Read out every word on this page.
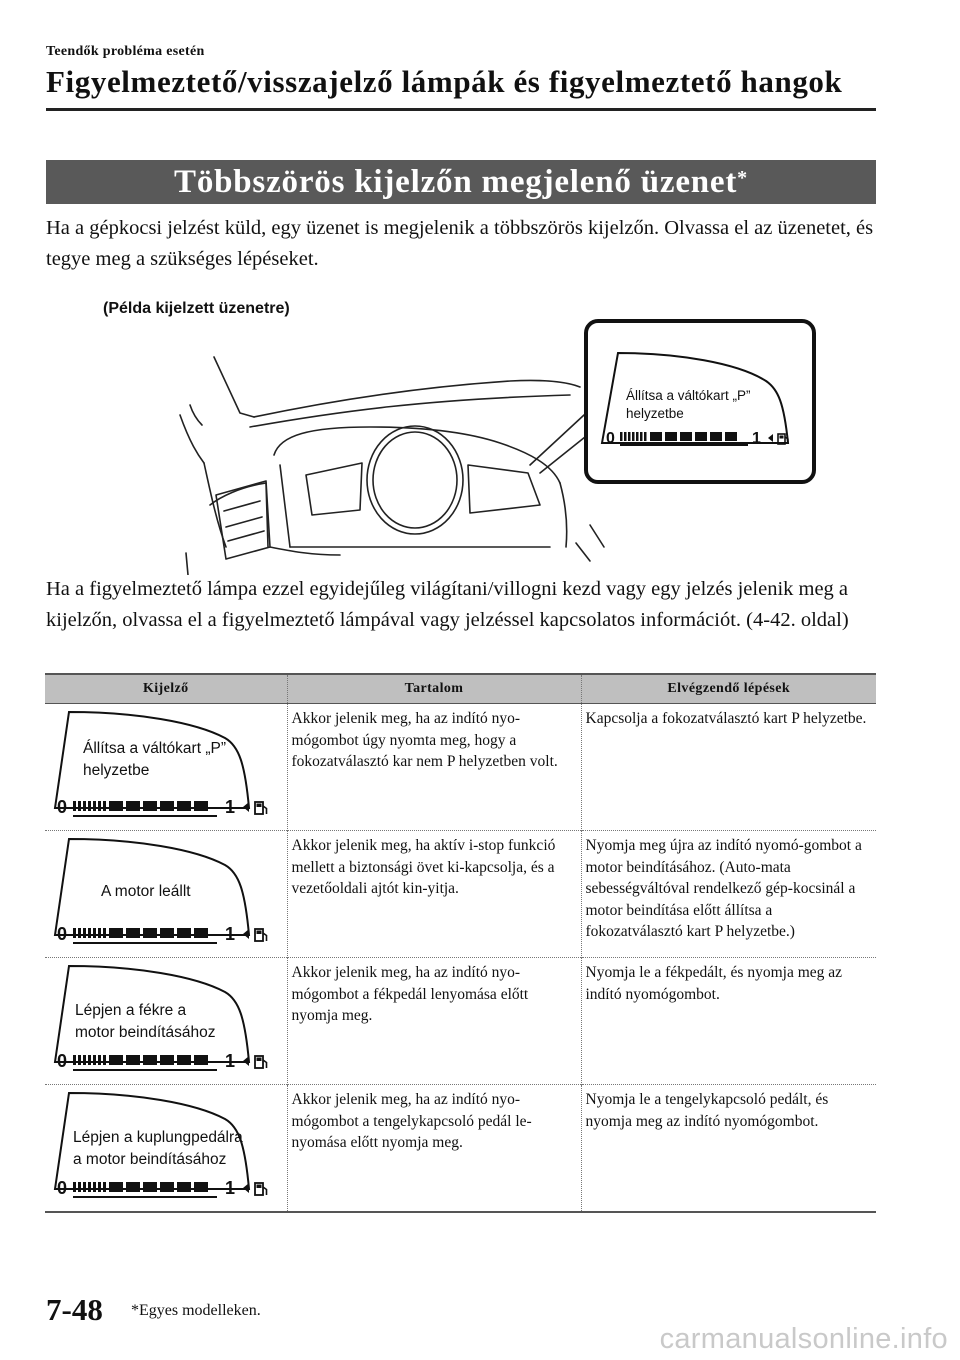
Teendők probléma esetén
Figyelmeztető/visszajelző lámpák és figyelmeztető hangok
Többszörös kijelzőn megjelenő üzenet*
Ha a gépkocsi jelzést küld, egy üzenet is megjelenik a többszörös kijelzőn. Olvassa el az üzenetet, és tegye meg a szükséges lépéseket.
(Példa kijelzett üzenetre)
Állítsa a váltókart „P”
helyzetbe
0	1
Ha a figyelmeztető lámpa ezzel egyidejűleg világítani/villogni kezd vagy egy jelzés jelenik meg a kijelzőn, olvassa el a figyelmeztető lámpával vagy jelzéssel kapcsolatos információt. (4-42. oldal)
Kijelző	Tartalom	Elvégzendő lépések

Állítsa a váltókart „P”
helyzetbe
0 1	Akkor jelenik meg, ha az indító nyo-mógombot úgy nyomta meg, hogy a fokozatválasztó kar nem P helyzetben volt.	Kapcsolja a fokozatválasztó kart P helyzetbe.

A motor leállt
0 1	Akkor jelenik meg, ha aktív i-stop funkció mellett a biztonsági övet ki-kapcsolja, és a vezetőoldali ajtót kin-yitja.	Nyomja meg újra az indító nyomó-gombot a motor beindításához. (Auto-mata sebességváltóval rendelkező gép-kocsinál a motor beindítása előtt állítsa a fokozatválasztó kart P helyzetbe.)

Lépjen a fékre a
motor beindításához
0 1	Akkor jelenik meg, ha az indító nyo-mógombot a fékpedál lenyomása előtt nyomja meg.	Nyomja le a fékpedált, és nyomja meg az indító nyomógombot.

Lépjen a kuplungpedálra
a motor beindításához
0 1	Akkor jelenik meg, ha az indító nyo-mógombot a tengelykapcsoló pedál le-nyomása előtt nyomja meg.	Nyomja le a tengelykapcsoló pedált, és nyomja meg az indító nyomógombot.
7-48 *Egyes modelleken.
carmanualsonline.info
